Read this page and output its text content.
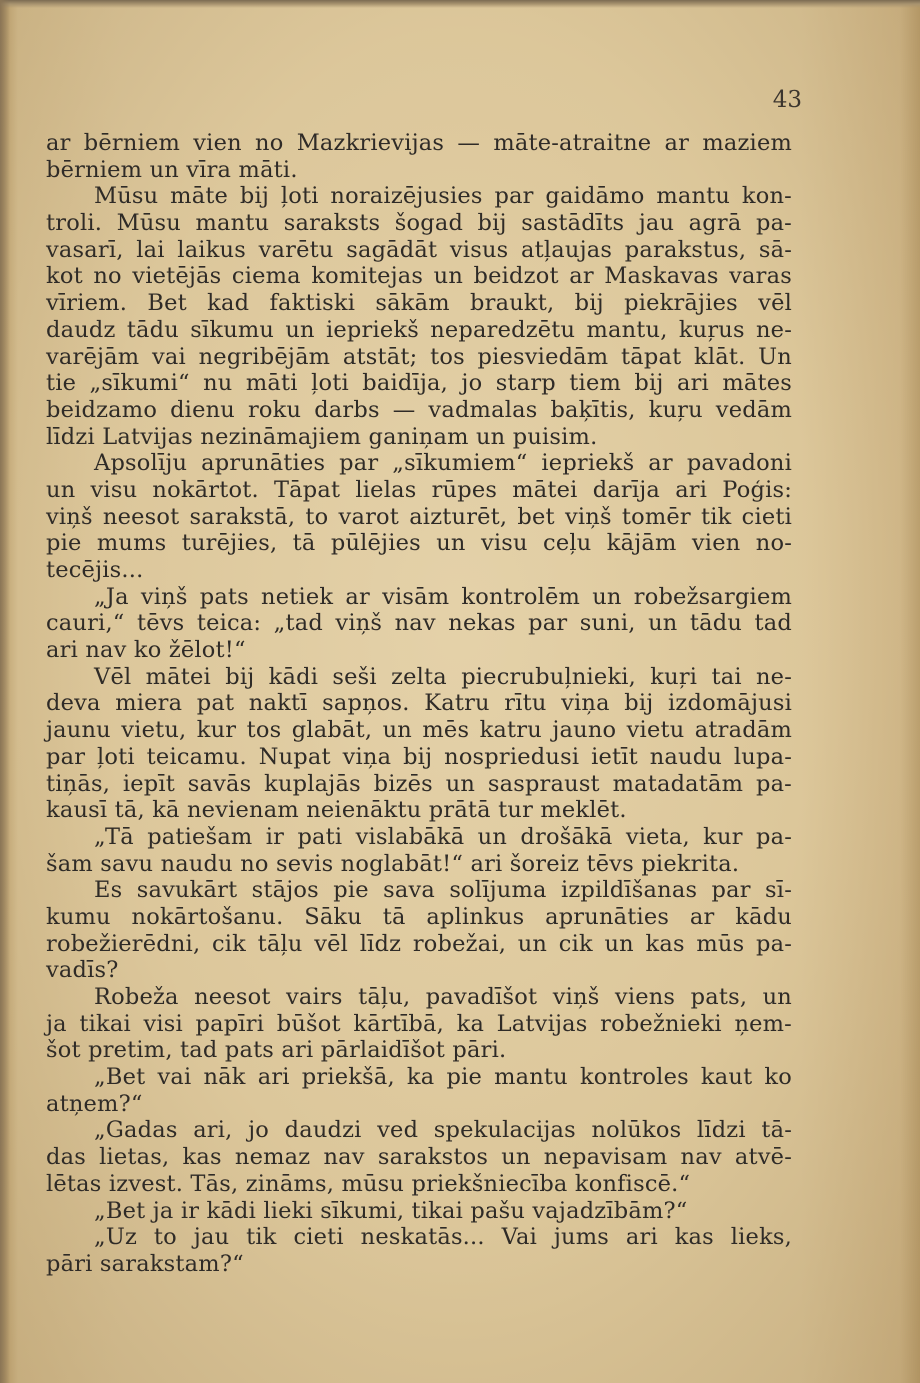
43
ar bērniem vien no Mazkrievijas — māte-atraitne ar maziem
bērniem un vīra māti.
Mūsu māte bij ļoti noraizējusies par gaidāmo mantu kon-
troli. Mūsu mantu saraksts šogad bij sastādīts jau agrā pa-
vasarī, lai laikus varētu sagādāt visus atļaujas parakstus, sā-
kot no vietējās ciema komitejas un beidzot ar Maskavas varas
vīriem. Bet kad faktiski sākām braukt, bij piekrājies vēl
daudz tādu sīkumu un iepriekš neparedzētu mantu, kuŗus ne-
varējām vai negribējām atstāt; tos piesviedām tāpat klāt. Un
tie „sīkumi“ nu māti ļoti baidīja, jo starp tiem bij ari mātes
beidzamo dienu roku darbs — vadmalas baķītis, kuŗu vedām
līdzi Latvijas nezināmajiem ganiņam un puisim.
Apsolīju aprunāties par „sīkumiem“ iepriekš ar pavadoni
un visu nokārtot. Tāpat lielas rūpes mātei darīja ari Poģis:
viņš neesot sarakstā, to varot aizturēt, bet viņš tomēr tik cieti
pie mums turējies, tā pūlējies un visu ceļu kājām vien no-
tecējis...
„Ja viņš pats netiek ar visām kontrolēm un robežsargiem
cauri,“ tēvs teica: „tad viņš nav nekas par suni, un tādu tad
ari nav ko žēlot!“
Vēl mātei bij kādi seši zelta piecrubuļnieki, kuŗi tai ne-
deva miera pat naktī sapņos. Katru rītu viņa bij izdomājusi
jaunu vietu, kur tos glabāt, un mēs katru jauno vietu atradām
par ļoti teicamu. Nupat viņa bij nospriedusi ietīt naudu lupa-
tiņās, iepīt savās kuplajās bizēs un saspraust matadatām pa-
kausī tā, kā nevienam neienāktu prātā tur meklēt.
„Tā patiešam ir pati vislabākā un drošākā vieta, kur pa-
šam savu naudu no sevis noglabāt!“ ari šoreiz tēvs piekrita.
Es savukārt stājos pie sava solījuma izpildīšanas par sī-
kumu nokārtošanu. Sāku tā aplinkus aprunāties ar kādu
robežierēdni, cik tāļu vēl līdz robežai, un cik un kas mūs pa-
vadīs?
Robeža neesot vairs tāļu, pavadīšot viņš viens pats, un
ja tikai visi papīri būšot kārtībā, ka Latvijas robežnieki ņem-
šot pretim, tad pats ari pārlaidīšot pāri.
„Bet vai nāk ari priekšā, ka pie mantu kontroles kaut ko
atņem?“
„Gadas ari, jo daudzi ved spekulacijas nolūkos līdzi tā-
das lietas, kas nemaz nav sarakstos un nepavisam nav atvē-
lētas izvest. Tās, zināms, mūsu priekšniecība konfiscē.“
„Bet ja ir kādi lieki sīkumi, tikai pašu vajadzībām?“
„Uz to jau tik cieti neskatās... Vai jums ari kas lieks,
pāri sarakstam?“
